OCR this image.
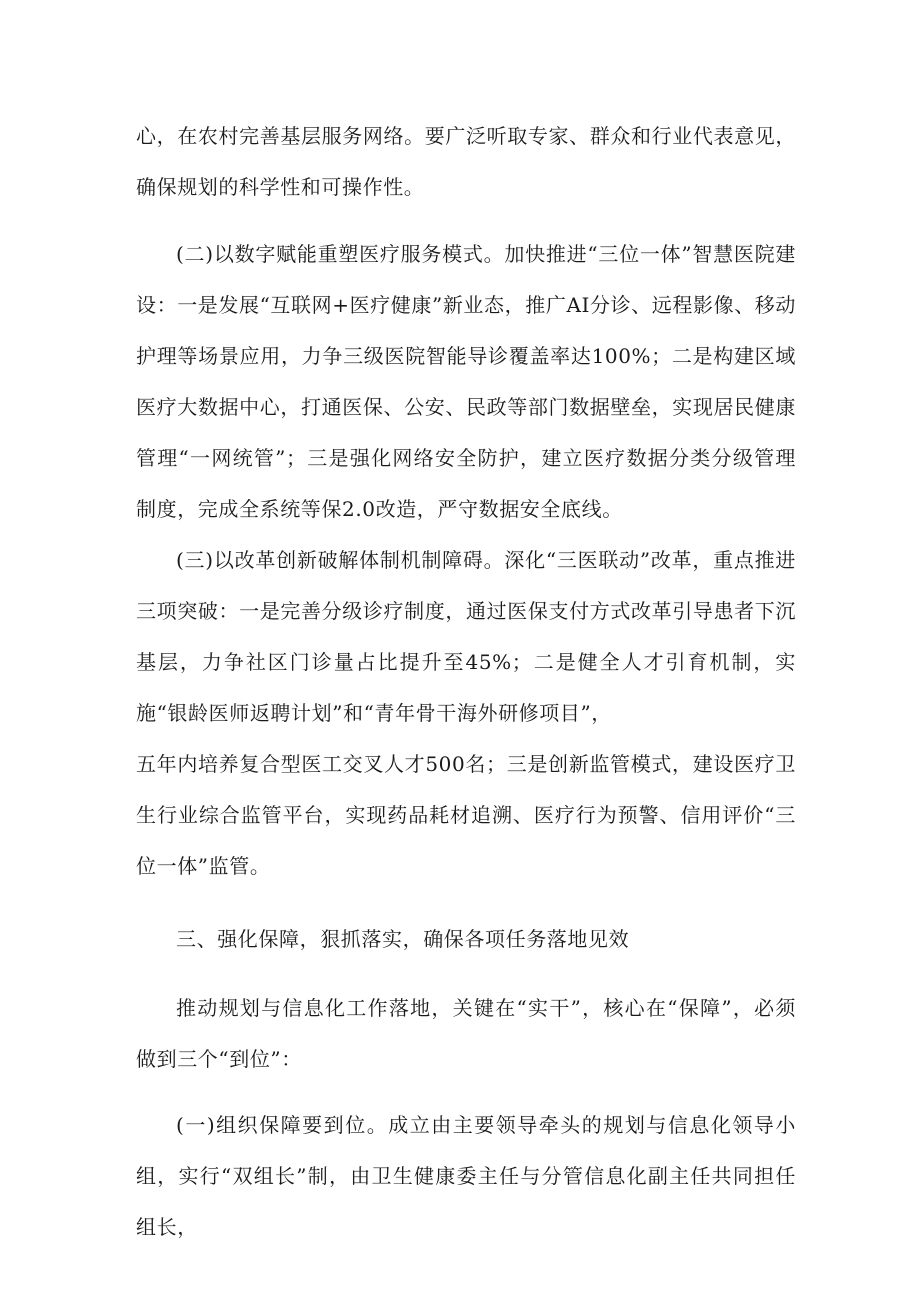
心，在农村完善基层服务网络。要广泛听取专家、群众和行业代表意见，确保规划的科学性和可操作性。

(二)以数字赋能重塑医疗服务模式。加快推进“三位一体”智慧医院建设：一是发展“互联网+医疗健康”新业态，推广AI分诊、远程影像、移动护理等场景应用，力争三级医院智能导诊覆盖率达100%；二是构建区域医疗大数据中心，打通医保、公安、民政等部门数据壁垒，实现居民健康管理“一网统管”；三是强化网络安全防护，建立医疗数据分类分级管理制度，完成全系统等保2.0改造，严守数据安全底线。

(三)以改革创新破解体制机制障碍。深化“三医联动”改革，重点推进三项突破：一是完善分级诊疗制度，通过医保支付方式改革引导患者下沉基层，力争社区门诊量占比提升至45%；二是健全人才引育机制，实施“银龄医师返聘计划”和“青年骨干海外研修项目”，

五年内培养复合型医工交叉人才500名；三是创新监管模式，建设医疗卫生行业综合监管平台，实现药品耗材追溯、医疗行为预警、信用评价“三位一体”监管。

三、强化保障，狠抓落实，确保各项任务落地见效

推动规划与信息化工作落地，关键在“实干”，核心在“保障”，必须做到三个“到位”：

(一)组织保障要到位。成立由主要领导牵头的规划与信息化领导小组，实行“双组长”制，由卫生健康委主任与分管信息化副主任共同担任组长，
